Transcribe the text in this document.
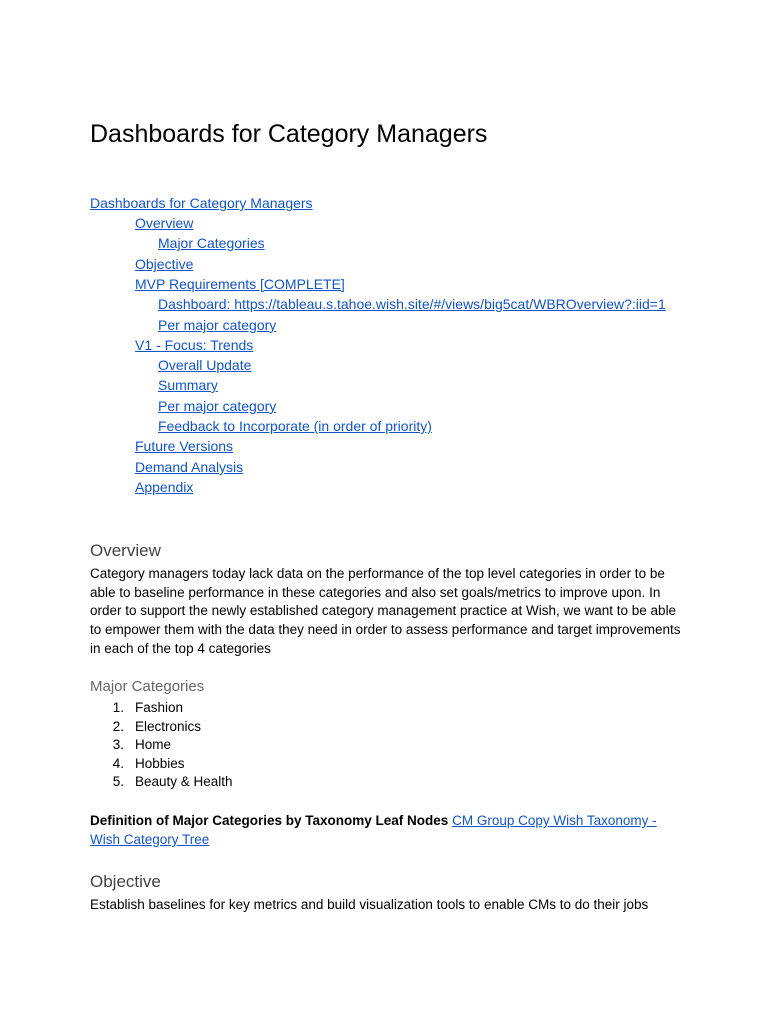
Dashboards for Category Managers
Dashboards for Category Managers
Overview
Major Categories
Objective
MVP Requirements [COMPLETE]
Dashboard: https://tableau.s.tahoe.wish.site/#/views/big5cat/WBROverview?:iid=1
Per major category
V1 - Focus: Trends
Overall Update
Summary
Per major category
Feedback to Incorporate (in order of priority)
Future Versions
Demand Analysis
Appendix
Overview

Category managers today lack data on the performance of the top level categories in order to be able to baseline performance in these categories and also set goals/metrics to improve upon. In order to support the newly established category management practice at Wish, we want to be able to empower them with the data they need in order to assess performance and target improvements in each of the top 4 categories

Major Categories
1. Fashion
2. Electronics
3. Home
4. Hobbies
5. Beauty & Health

Definition of Major Categories by Taxonomy Leaf Nodes CM Group Copy Wish Taxonomy - Wish Category Tree

Objective

Establish baselines for key metrics and build visualization tools to enable CMs to do their jobs
